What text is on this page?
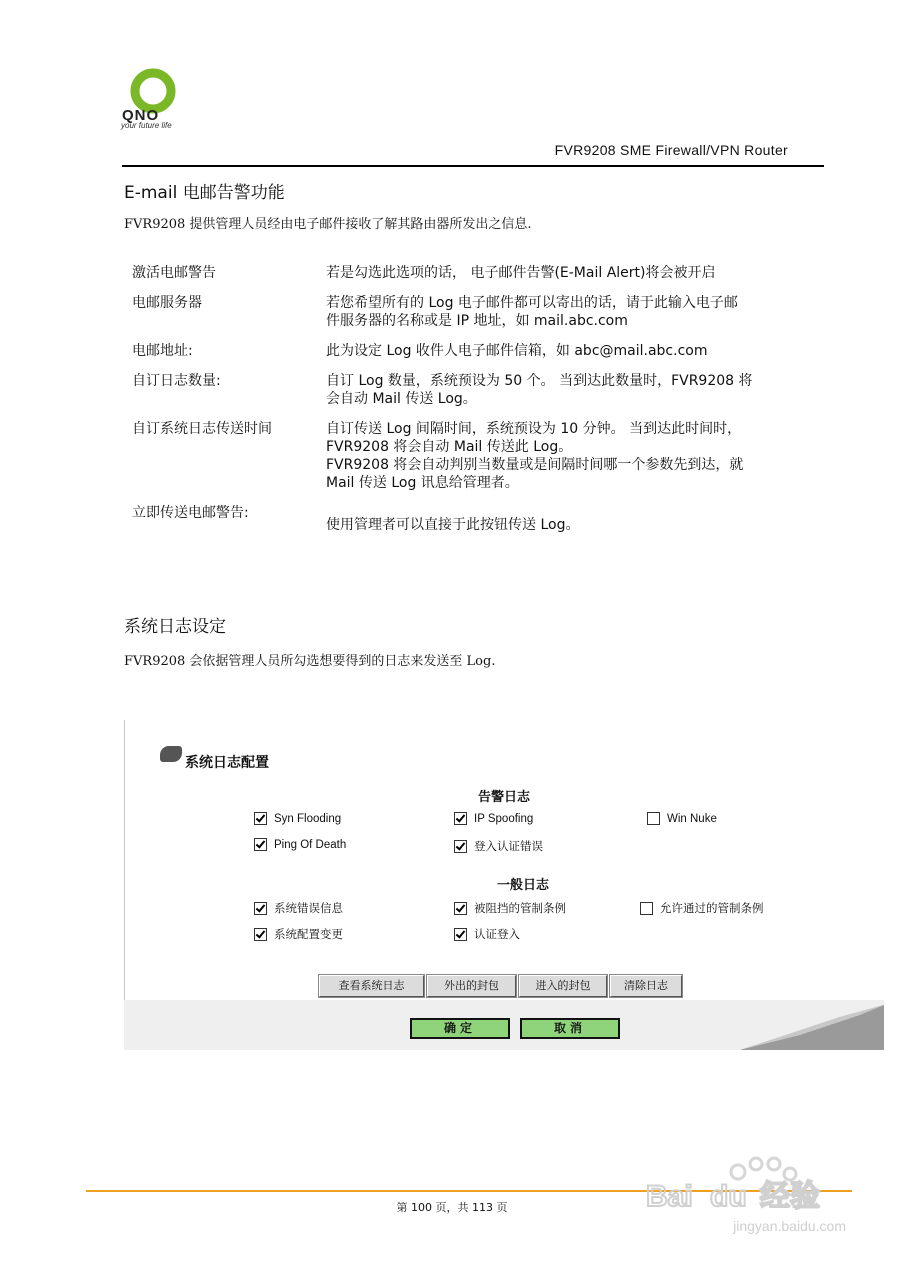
QNO
your future life
FVR9208 SME Firewall/VPN Router
E-mail 电邮告警功能
FVR9208 提供管理人员经由电子邮件接收了解其路由器所发出之信息.
激活电邮警告	若是勾选此选项的话， 电子邮件告警(E-Mail Alert)将会被开启
电邮服务器	若您希望所有的 Log 电子邮件都可以寄出的话，请于此输入电子邮
件服务器的名称或是 IP 地址，如 mail.abc.com
电邮地址:	此为设定 Log 收件人电子邮件信箱，如 abc@mail.abc.com
自订日志数量:	自订 Log 数量，系统预设为 50 个。 当到达此数量时，FVR9208 将
会自动 Mail 传送 Log。
自订系统日志传送时间	自订传送 Log 间隔时间，系统预设为 10 分钟。 当到达此时间时，
FVR9208 将会自动 Mail 传送此 Log。
FVR9208 将会自动判别当数量或是间隔时间哪一个参数先到达，就
Mail 传送 Log 讯息给管理者。
立即传送电邮警告:
使用管理者可以直接于此按钮传送 Log。
系统日志设定
FVR9208 会依据管理人员所勾选想要得到的日志来发送至 Log.
系统日志配置
告警日志
Syn Flooding	IP Spoofing	Win Nuke
Ping Of Death	登入认证错误
一般日志
系统错误信息	被阻挡的管制条例	允许通过的管制条例
系统配置变更	认证登入
查看系统日志	外出的封包	进入的封包	清除日志
确定	取消
第 100 页，共 113 页	Bai du 经验
jingyan.baidu.com
